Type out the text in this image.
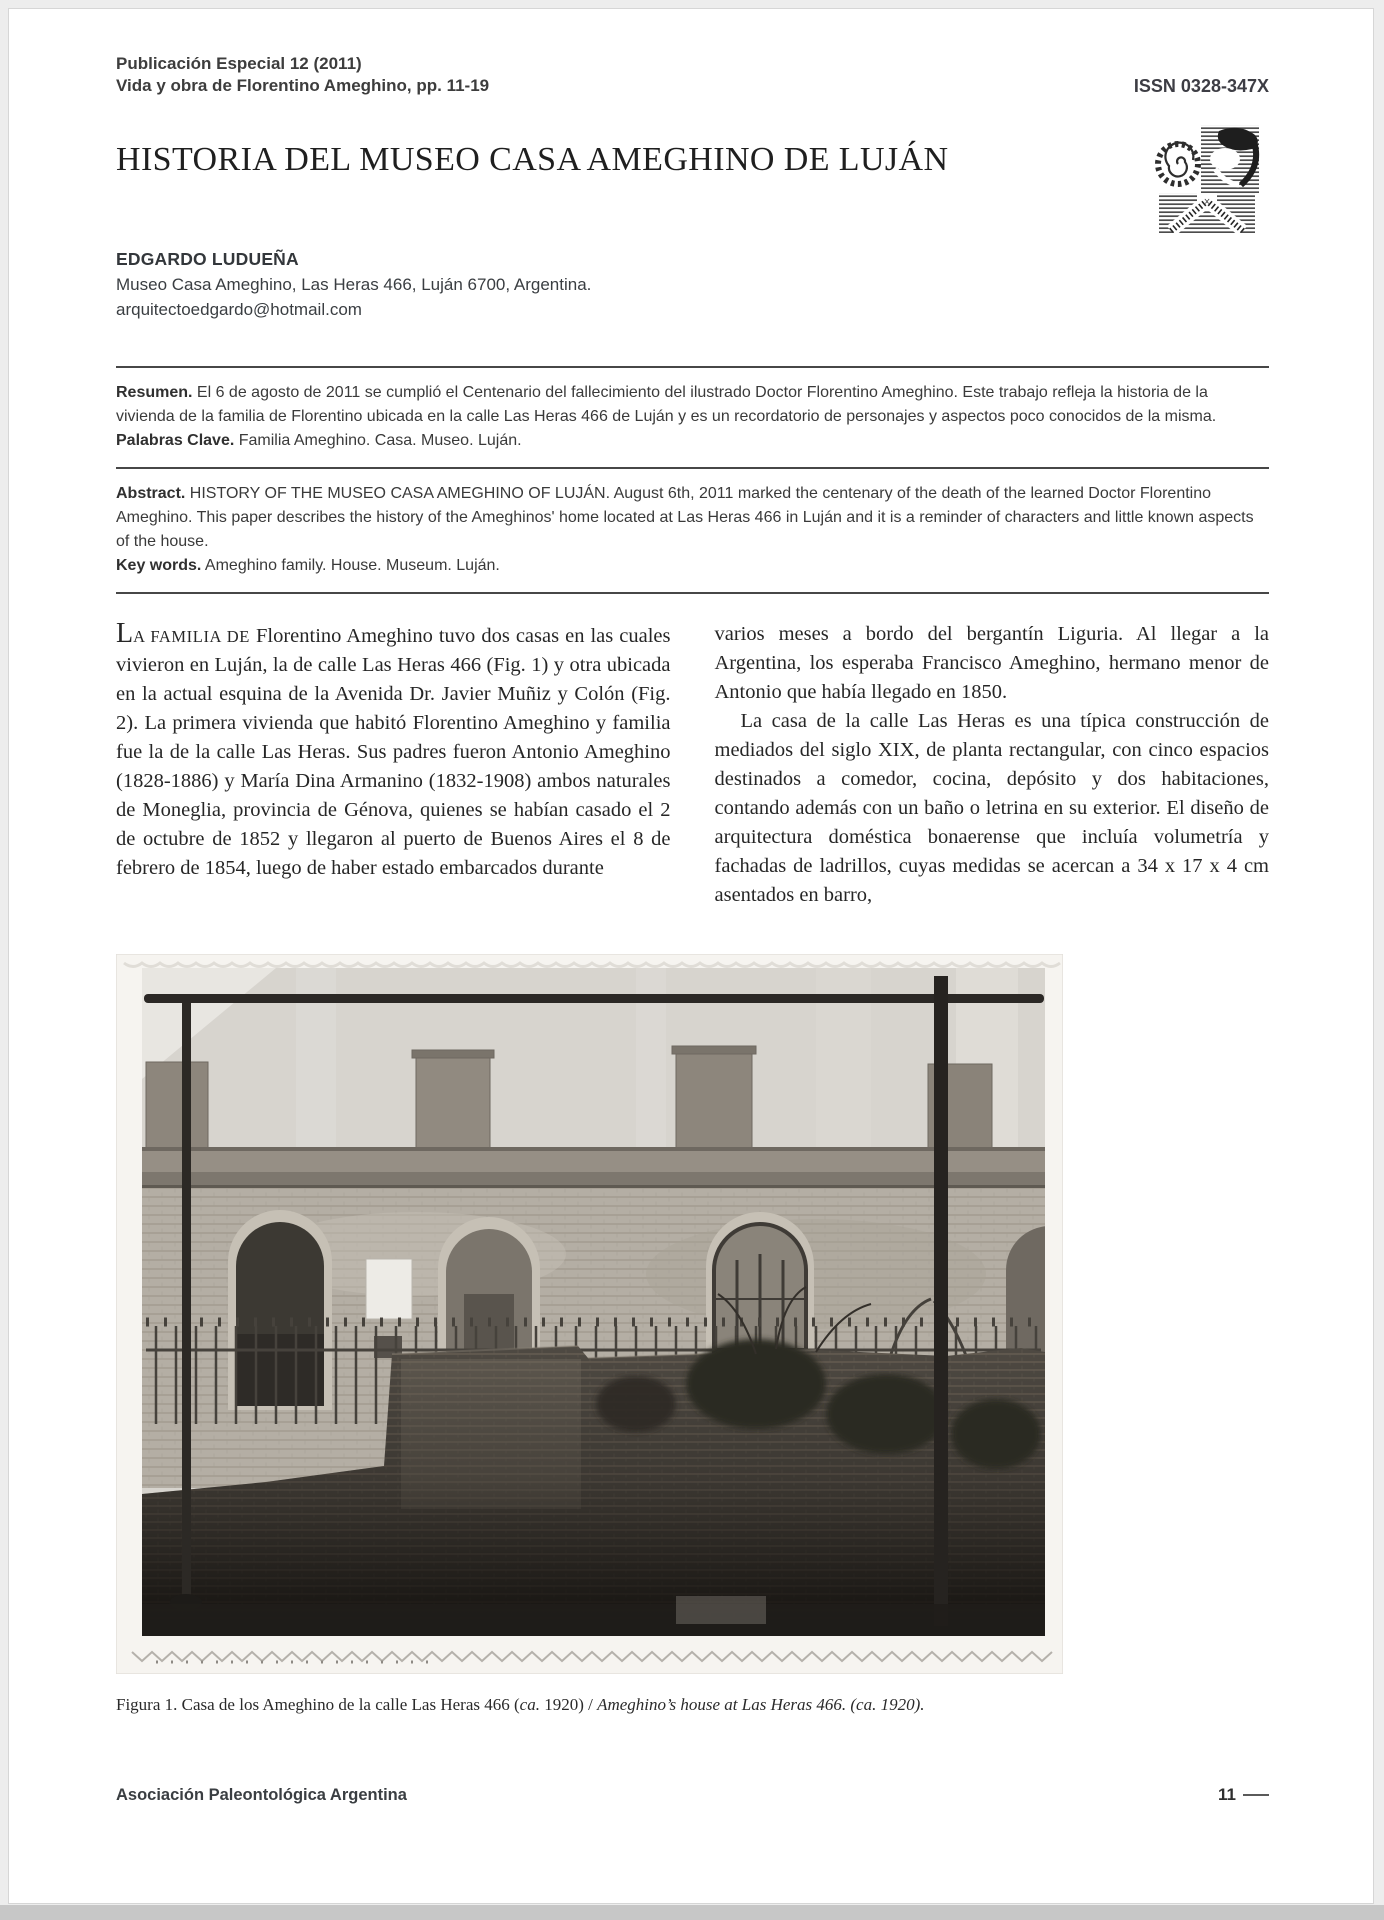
Publicación Especial 12 (2011)
Vida y obra de Florentino Ameghino, pp. 11-19	ISSN 0328-347X
HISTORIA DEL MUSEO CASA AMEGHINO DE LUJÁN
EDGARDO LUDUEÑA
Museo Casa Ameghino, Las Heras 466, Luján 6700, Argentina.
arquitectoedgardo@hotmail.com
Resumen. El 6 de agosto de 2011 se cumplió el Centenario del fallecimiento del ilustrado Doctor Florentino Ameghino. Este trabajo refleja la historia de la vivienda de la familia de Florentino ubicada en la calle Las Heras 466 de Luján y es un recordatorio de personajes y aspectos poco conocidos de la misma.
Palabras Clave. Familia Ameghino. Casa. Museo. Luján.
Abstract. HISTORY OF THE MUSEO CASA AMEGHINO OF LUJÁN. August 6th, 2011 marked the centenary of the death of the learned Doctor Florentino Ameghino. This paper describes the history of the Ameghinos' home located at Las Heras 466 in Luján and it is a reminder of characters and little known aspects of the house.
Key words. Ameghino family. House. Museum. Luján.

LA FAMILIA DE Florentino Ameghino tuvo dos casas en las cuales vivieron en Luján, la de calle Las Heras 466 (Fig. 1) y otra ubicada en la actual esquina de la Avenida Dr. Javier Muñiz y Colón (Fig. 2). La primera vivienda que habitó Florentino Ameghino y familia fue la de la calle Las Heras. Sus padres fueron Antonio Ameghino (1828-1886) y María Dina Armanino (1832-1908) ambos naturales de Moneglia, provincia de Génova, quienes se habían casado el 2 de octubre de 1852 y llegaron al puerto de Buenos Aires el 8 de febrero de 1854, luego de haber estado embarcados durante

varios meses a bordo del bergantín Liguria. Al llegar a la Argentina, los esperaba Francisco Ameghino, hermano menor de Antonio que había llegado en 1850.

La casa de la calle Las Heras es una típica construcción de mediados del siglo XIX, de planta rectangular, con cinco espacios destinados a comedor, cocina, depósito y dos habitaciones, contando además con un baño o letrina en su exterior. El diseño de arquitectura doméstica bonaerense que incluía volumetría y fachadas de ladrillos, cuyas medidas se acercan a 34 x 17 x 4 cm asentados en barro,

Figura 1. Casa de los Ameghino de la calle Las Heras 466 (ca. 1920) / Ameghino’s house at Las Heras 466. (ca. 1920).
Asociación Paleontológica Argentina	11
